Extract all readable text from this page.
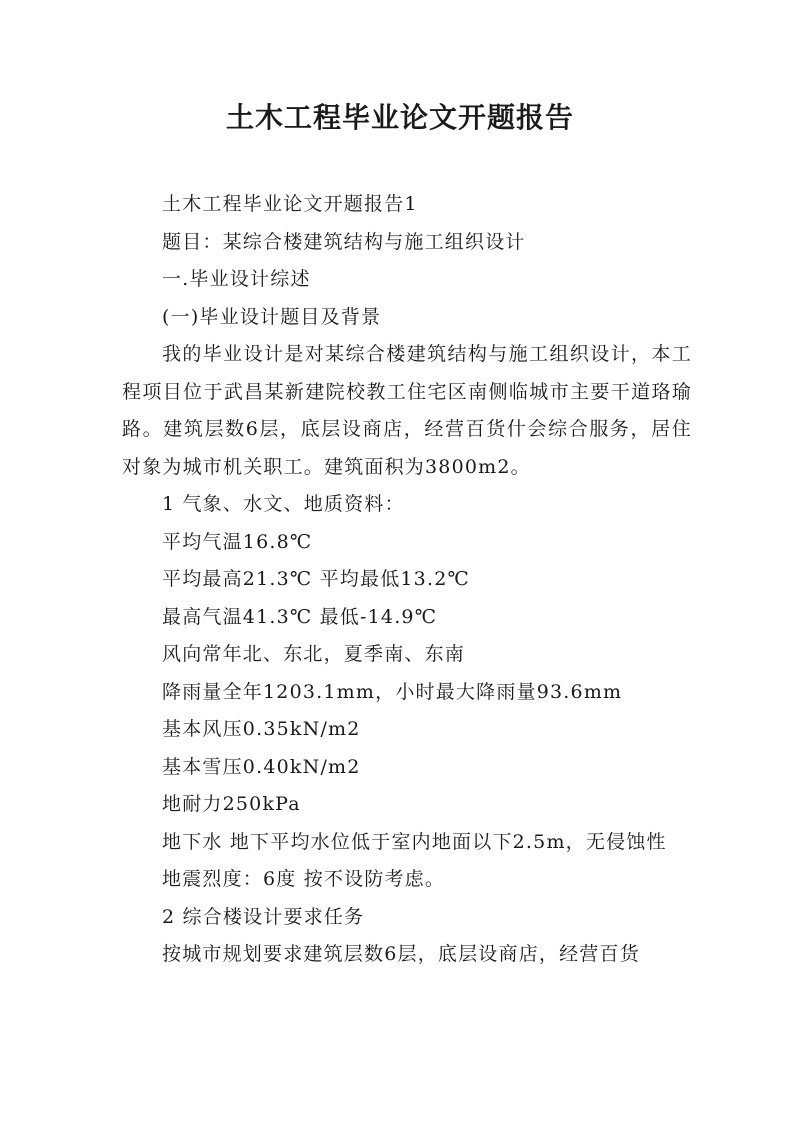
土木工程毕业论文开题报告

土木工程毕业论文开题报告1

题目：某综合楼建筑结构与施工组织设计

一.毕业设计综述

(一)毕业设计题目及背景

我的毕业设计是对某综合楼建筑结构与施工组织设计，本工程项目位于武昌某新建院校教工住宅区南侧临城市主要干道珞瑜路。建筑层数6层，底层设商店，经营百货什会综合服务，居住对象为城市机关职工。建筑面积为3800m2。

1 气象、水文、地质资料：

平均气温16.8℃

平均最高21.3℃ 平均最低13.2℃

最高气温41.3℃ 最低-14.9℃

风向常年北、东北，夏季南、东南

降雨量全年1203.1mm，小时最大降雨量93.6mm

基本风压0.35kN/m2

基本雪压0.40kN/m2

地耐力250kPa

地下水 地下平均水位低于室内地面以下2.5m，无侵蚀性

地震烈度：6度 按不设防考虑。

2 综合楼设计要求任务

按城市规划要求建筑层数6层，底层设商店，经营百货
